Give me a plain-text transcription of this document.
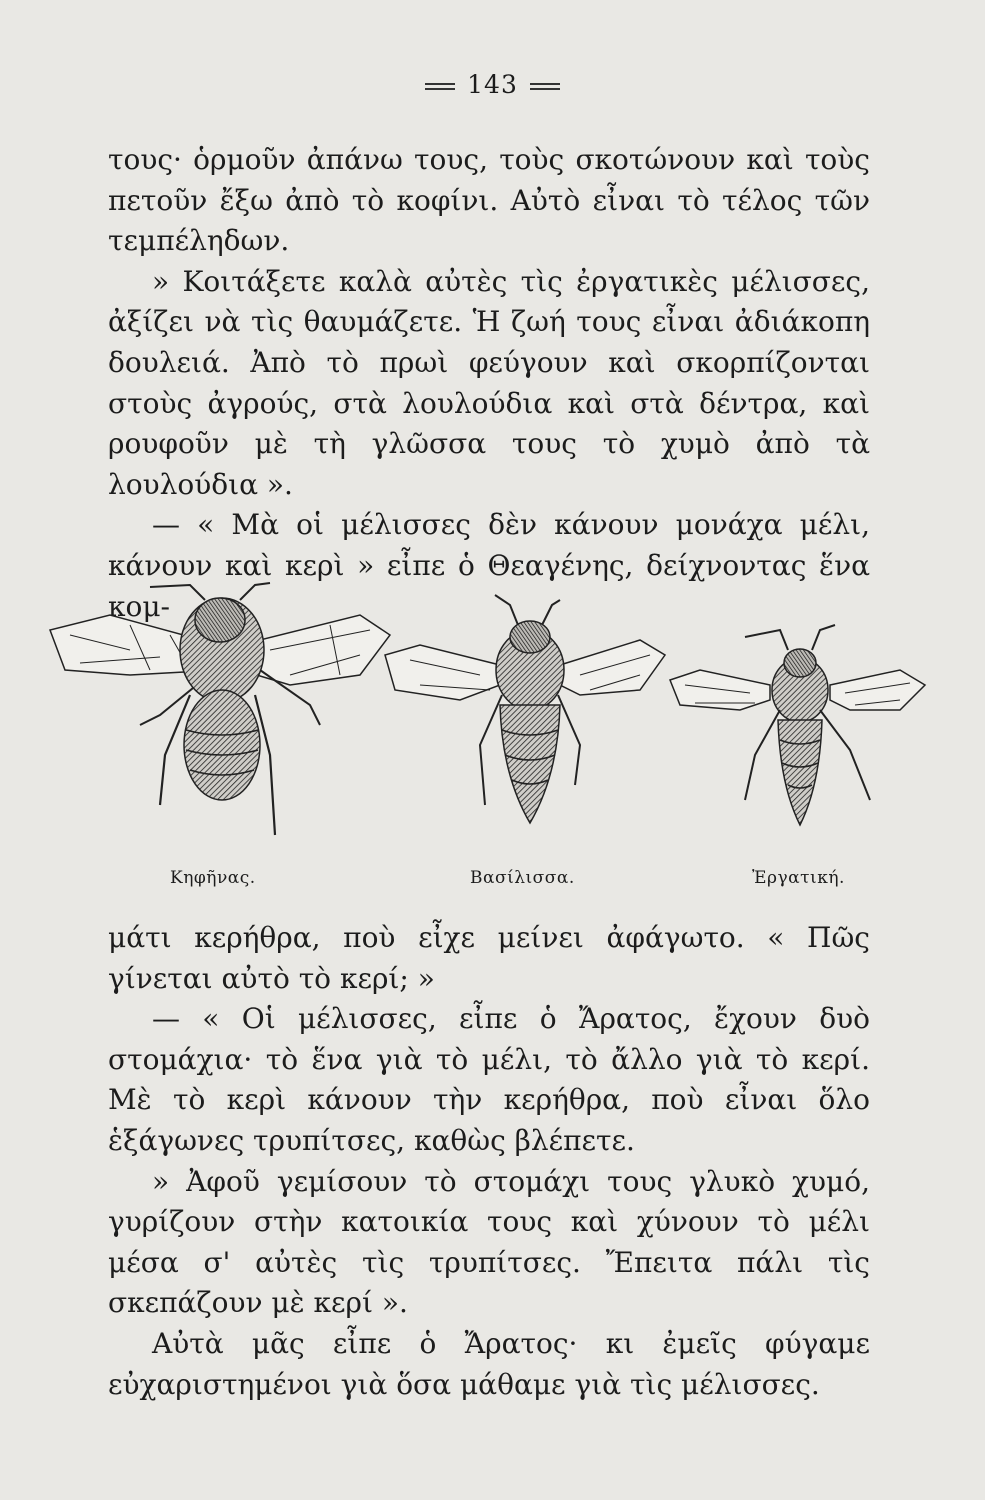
143

τους· ὁρμοῦν ἀπάνω τους, τοὺς σκοτώνουν καὶ τοὺς πετοῦν ἔξω ἀπὸ τὸ κοφίνι. Αὐτὸ εἶναι τὸ τέλος τῶν τεμπέληδων.

» Κοιτάξετε καλὰ αὐτὲς τὶς ἐργατικὲς μέλισσες, ἀξίζει νὰ τὶς θαυμάζετε. Ἡ ζωή τους εἶναι ἀδιάκοπη δουλειά. Ἀπὸ τὸ πρωὶ φεύγουν καὶ σκορπίζονται στοὺς ἀγρούς, στὰ λουλούδια καὶ στὰ δέντρα, καὶ ρουφοῦν μὲ τὴ γλῶσσα τους τὸ χυμὸ ἀπὸ τὰ λουλούδια ».

— « Μὰ οἱ μέλισσες δὲν κάνουν μονάχα μέλι, κάνουν καὶ κερὶ » εἶπε ὁ Θεαγένης, δείχνοντας ἕνα κομ-

Κηφῆνας.	Βασίλισσα.	Ἐργατική.

μάτι κερήθρα, ποὺ εἶχε μείνει ἀφάγωτο. « Πῶς γίνεται αὐτὸ τὸ κερί; »

— « Οἱ μέλισσες, εἶπε ὁ Ἄρατος, ἔχουν δυὸ στομάχια· τὸ ἕνα γιὰ τὸ μέλι, τὸ ἄλλο γιὰ τὸ κερί. Μὲ τὸ κερὶ κάνουν τὴν κερήθρα, ποὺ εἶναι ὅλο ἑξάγωνες τρυπίτσες, καθὼς βλέπετε.

» Ἀφοῦ γεμίσουν τὸ στομάχι τους γλυκὸ χυμό, γυρίζουν στὴν κατοικία τους καὶ χύνουν τὸ μέλι μέσα σ' αὐτὲς τὶς τρυπίτσες. Ἔπειτα πάλι τὶς σκεπάζουν μὲ κερί ».

Αὐτὰ μᾶς εἶπε ὁ Ἄρατος· κι ἐμεῖς φύγαμε εὐχαριστημένοι γιὰ ὅσα μάθαμε γιὰ τὶς μέλισσες.
